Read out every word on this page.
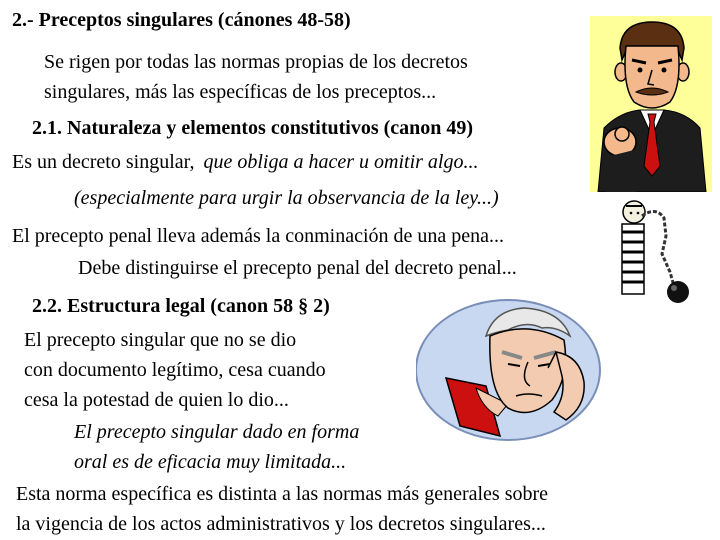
2.- Preceptos singulares (cánones 48-58)
Se rigen por todas las normas propias de los decretos
singulares, más las específicas de los preceptos...
2.1. Naturaleza y elementos constitutivos (canon 49)
Es un decreto singular, que obliga a hacer u omitir algo...
(especialmente para urgir la observancia de la ley...)
El precepto penal lleva además la conminación de una pena...
Debe distinguirse el precepto penal del decreto penal...
2.2. Estructura legal (canon 58 § 2)
El precepto singular que no se dio
con documento legítimo, cesa cuando
cesa la potestad de quien lo dio...
El precepto singular dado en forma
oral es de eficacia muy limitada...
Esta norma específica es distinta a las normas más generales sobre
la vigencia de los actos administrativos y los decretos singulares...
